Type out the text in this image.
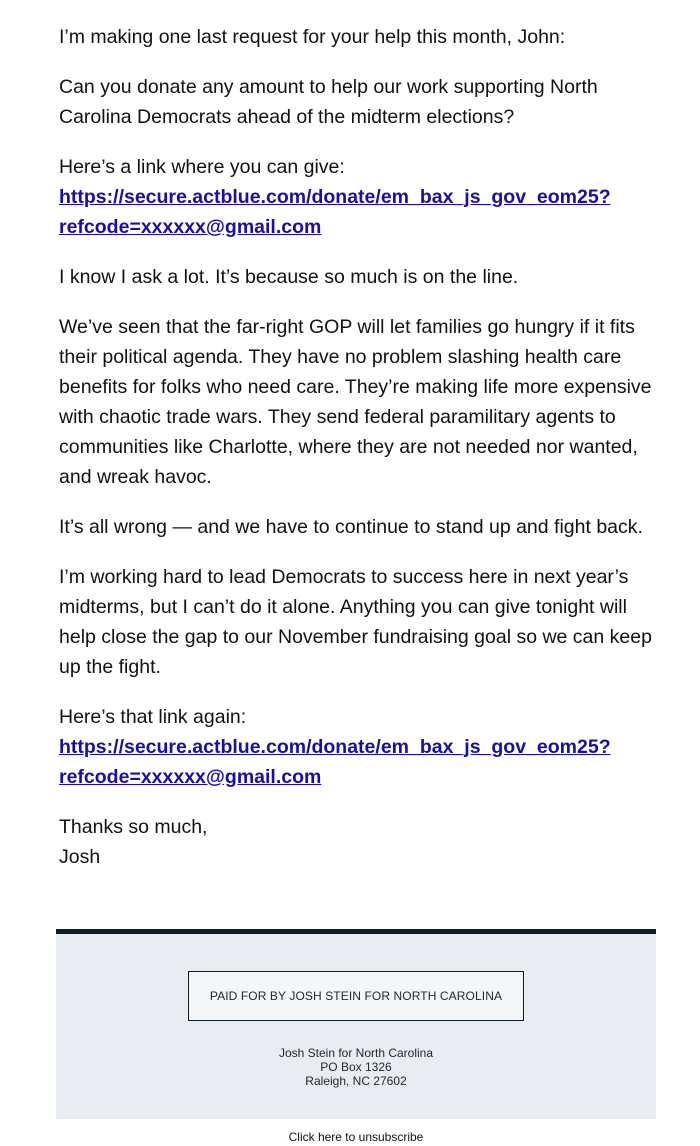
I’m making one last request for your help this month, John:

Can you donate any amount to help our work supporting North Carolina Democrats ahead of the midterm elections?

Here’s a link where you can give:
https://secure.actblue.com/donate/em_bax_js_gov_eom25?refcode=xxxxxx@gmail.com

I know I ask a lot. It’s because so much is on the line.

We’ve seen that the far-right GOP will let families go hungry if it fits their political agenda. They have no problem slashing health care benefits for folks who need care. They’re making life more expensive with chaotic trade wars. They send federal paramilitary agents to communities like Charlotte, where they are not needed nor wanted, and wreak havoc.

It’s all wrong — and we have to continue to stand up and fight back.

I’m working hard to lead Democrats to success here in next year’s midterms, but I can’t do it alone. Anything you can give tonight will help close the gap to our November fundraising goal so we can keep up the fight.

Here’s that link again:
https://secure.actblue.com/donate/em_bax_js_gov_eom25?refcode=xxxxxx@gmail.com

Thanks so much,
Josh

PAID FOR BY JOSH STEIN FOR NORTH CAROLINA
Josh Stein for North Carolina
PO Box 1326
Raleigh, NC 27602
Click here to unsubscribe
